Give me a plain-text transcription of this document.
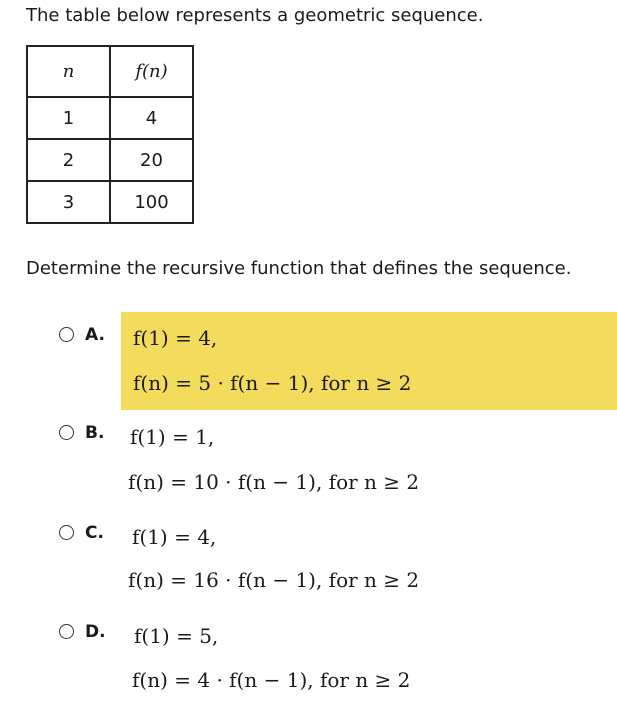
The table below represents a geometric sequence.
n	f(n)
1	4
2	20
3	100
Determine the recursive function that defines the sequence.
A. f(1) = 4,
f(n) = 5 · f(n − 1), for n ≥ 2
B. f(1) = 1,
f(n) = 10 · f(n − 1), for n ≥ 2
C. f(1) = 4,
f(n) = 16 · f(n − 1), for n ≥ 2
D. f(1) = 5,
f(n) = 4 · f(n − 1), for n ≥ 2
